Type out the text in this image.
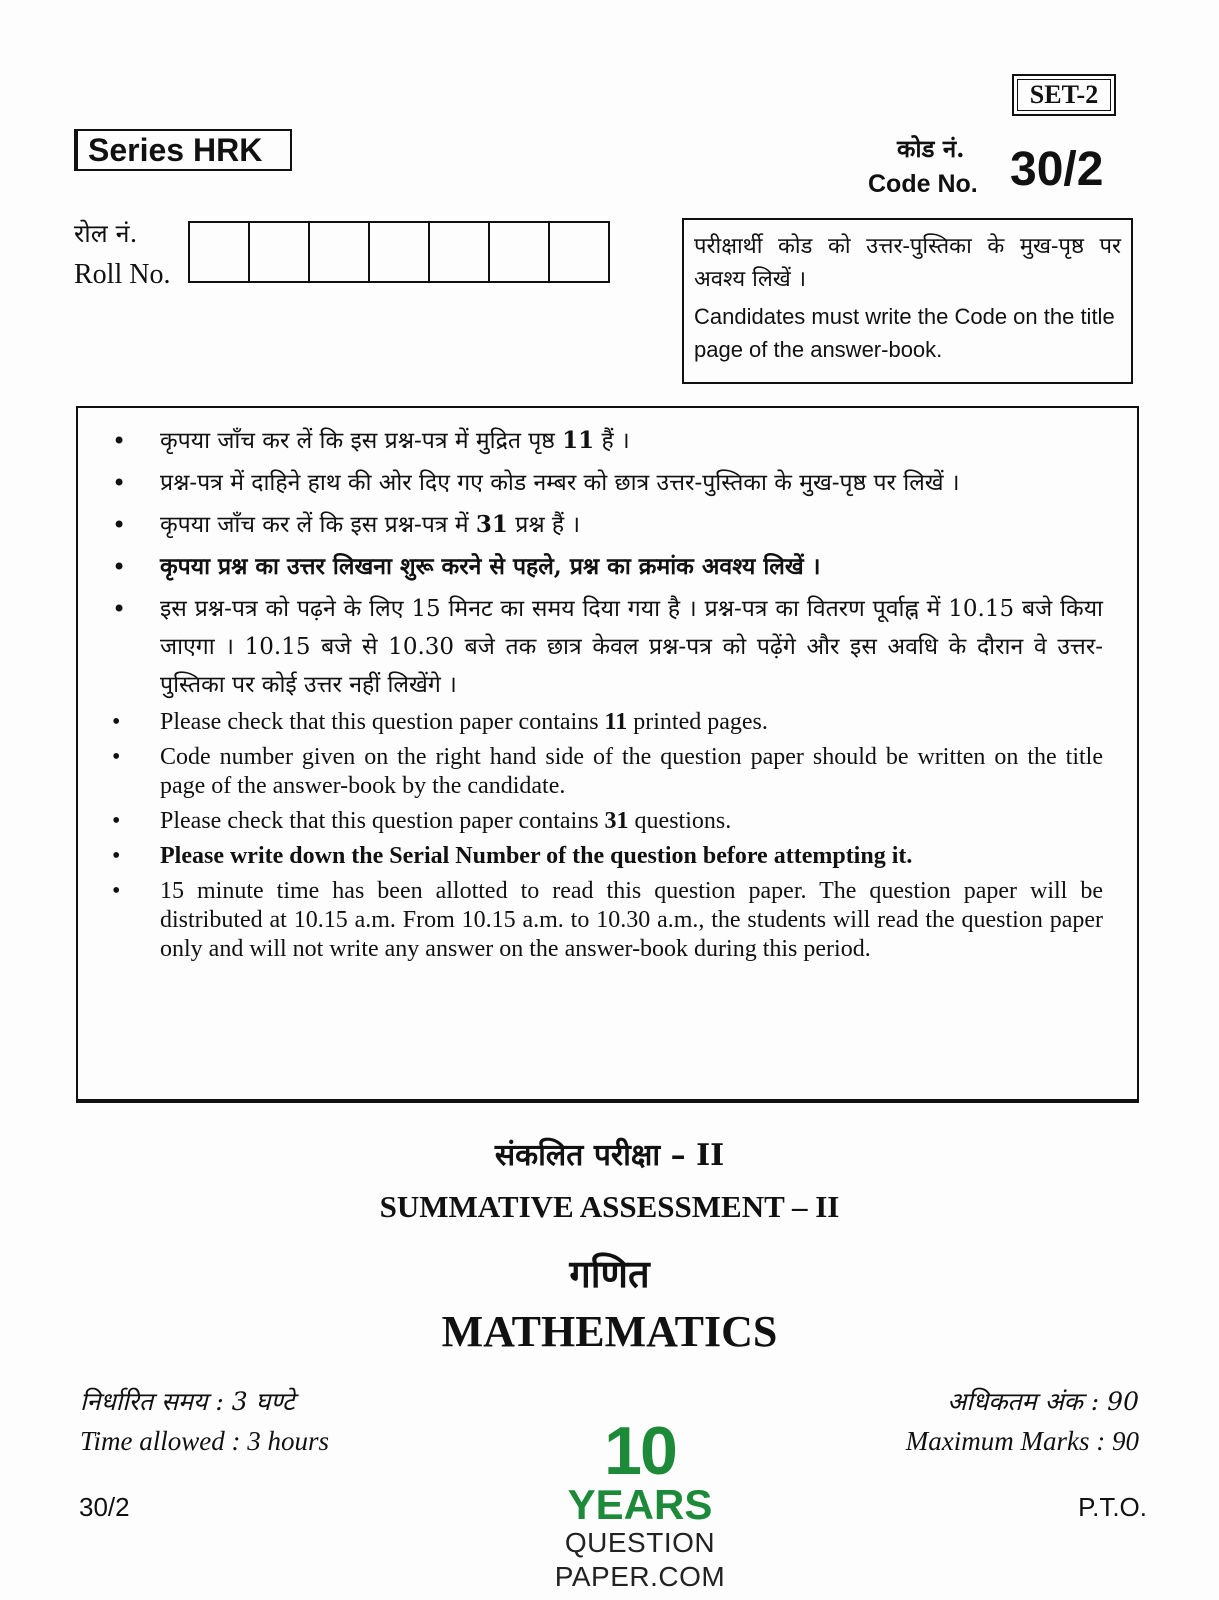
SET-2
Series HRK	कोड नं.
Code No. 30/2
रोल नं.
Roll No.
परीक्षार्थी कोड को उत्तर-पुस्तिका के मुख-पृष्ठ पर अवश्य लिखें ।
Candidates must write the Code on the title page of the answer-book.
• कृपया जाँच कर लें कि इस प्रश्न-पत्र में मुद्रित पृष्ठ 11 हैं ।
• प्रश्न-पत्र में दाहिने हाथ की ओर दिए गए कोड नम्बर को छात्र उत्तर-पुस्तिका के मुख-पृष्ठ पर लिखें ।
• कृपया जाँच कर लें कि इस प्रश्न-पत्र में 31 प्रश्न हैं ।
• कृपया प्रश्न का उत्तर लिखना शुरू करने से पहले, प्रश्न का क्रमांक अवश्य लिखें ।
• इस प्रश्न-पत्र को पढ़ने के लिए 15 मिनट का समय दिया गया है । प्रश्न-पत्र का वितरण पूर्वाह्न में 10.15 बजे किया जाएगा । 10.15 बजे से 10.30 बजे तक छात्र केवल प्रश्न-पत्र को पढ़ेंगे और इस अवधि के दौरान वे उत्तर-पुस्तिका पर कोई उत्तर नहीं लिखेंगे ।
• Please check that this question paper contains 11 printed pages.
• Code number given on the right hand side of the question paper should be written on the title page of the answer-book by the candidate.
• Please check that this question paper contains 31 questions.
• Please write down the Serial Number of the question before attempting it.
• 15 minute time has been allotted to read this question paper. The question paper will be distributed at 10.15 a.m. From 10.15 a.m. to 10.30 a.m., the students will read the question paper only and will not write any answer on the answer-book during this period.
संकलित परीक्षा – II
SUMMATIVE ASSESSMENT – II
गणित
MATHEMATICS
निर्धारित समय : 3 घण्टे
Time allowed : 3 hours
अधिकतम अंक : 90
Maximum Marks : 90
30/2	P.T.O.
10
YEARS
QUESTION PAPER.COM
